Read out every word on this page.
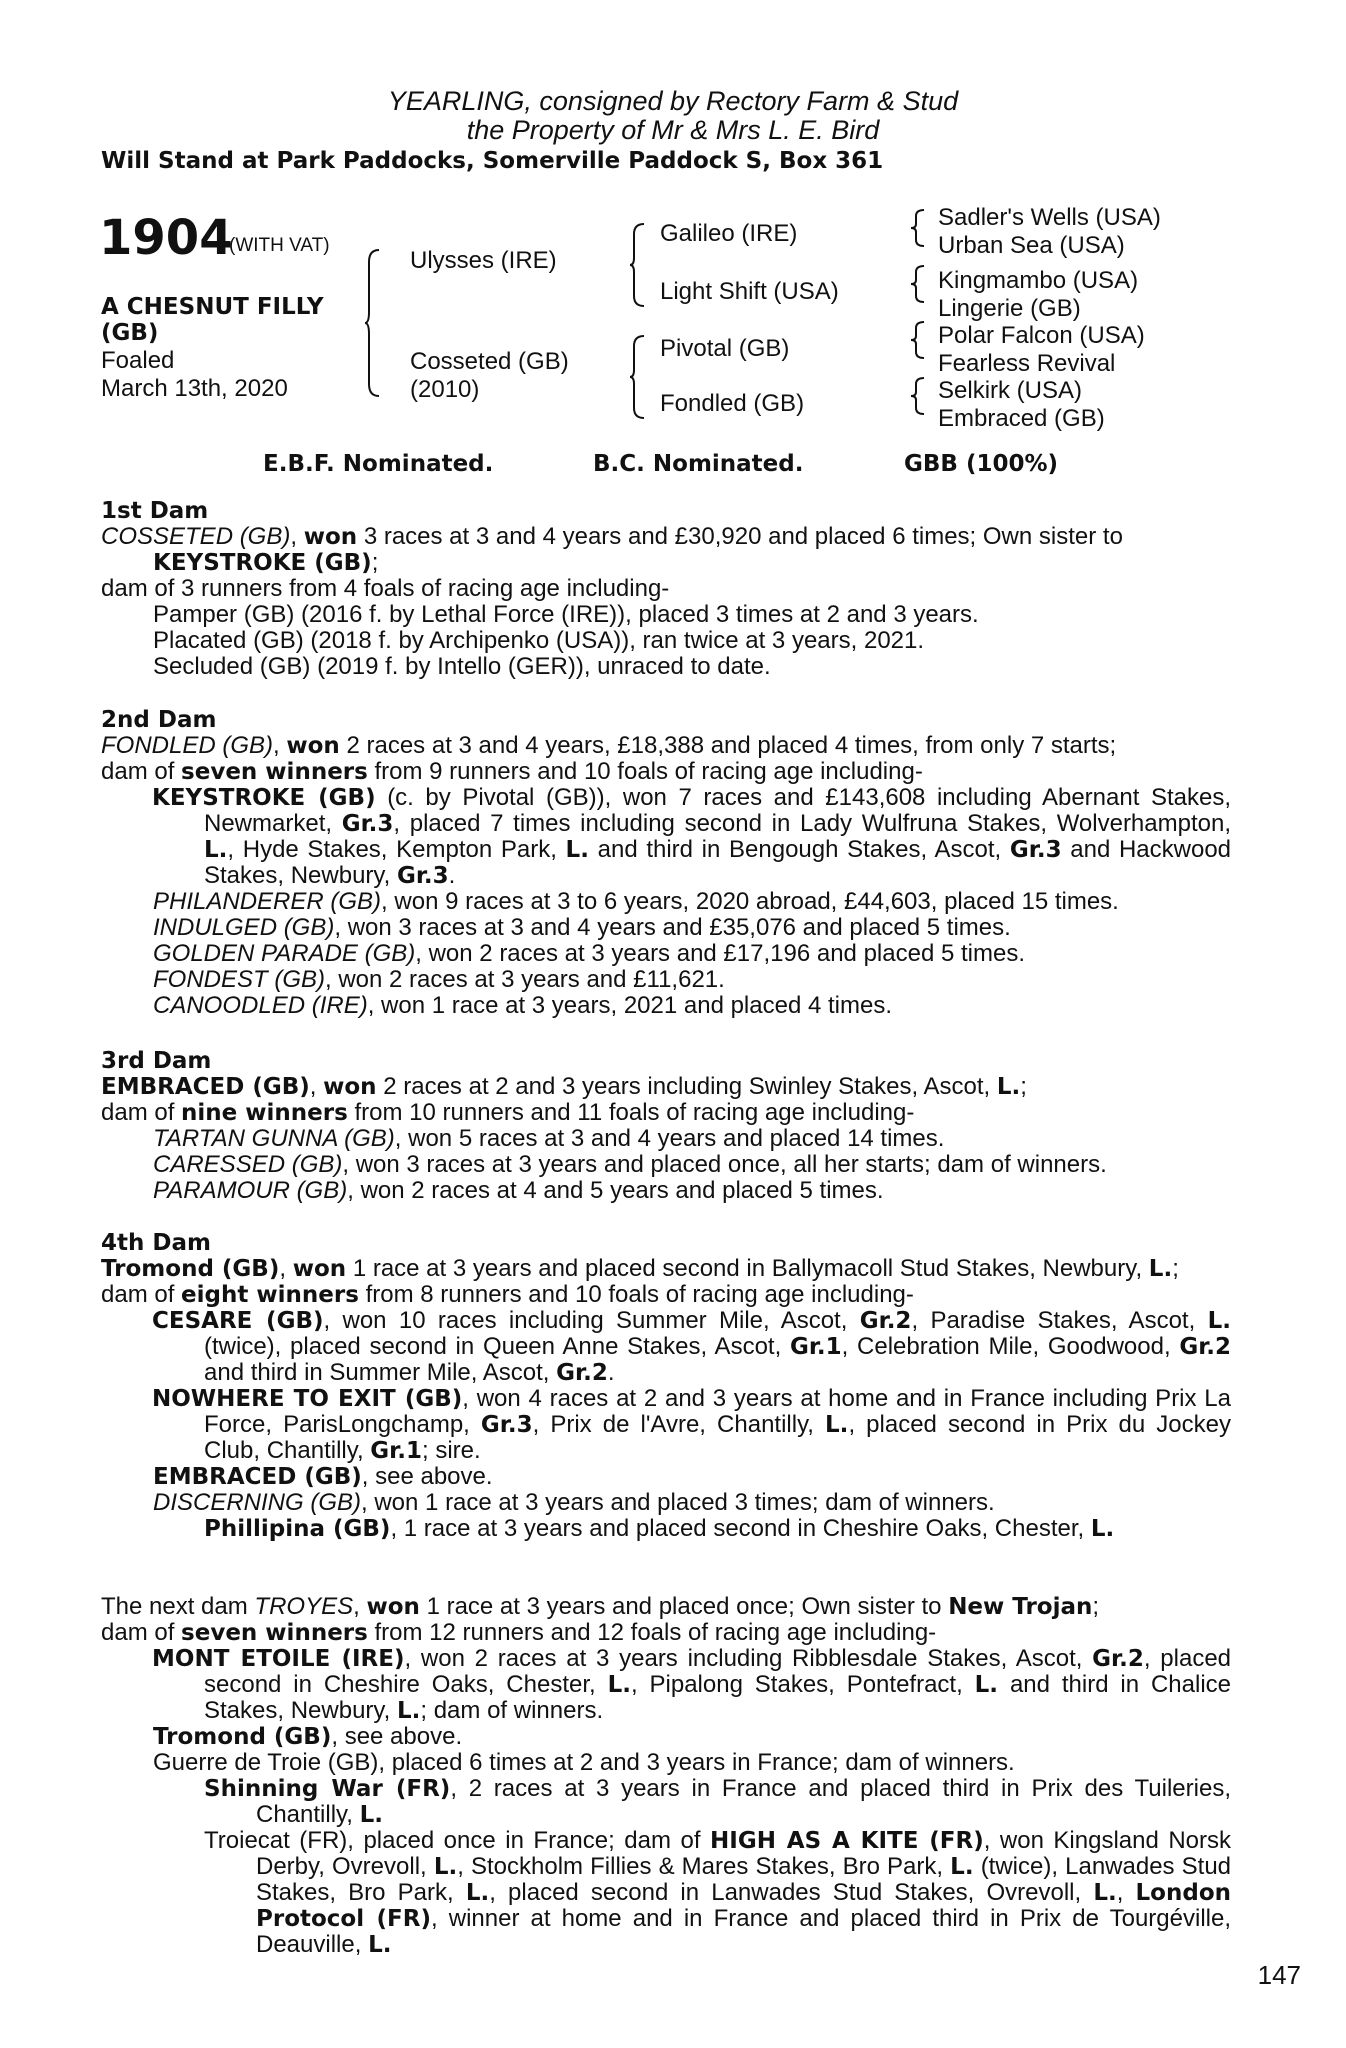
YEARLING, consigned by Rectory Farm & Stud
the Property of Mr & Mrs L. E. Bird
Will Stand at Park Paddocks, Somerville Paddock S, Box 361
1904
(WITH VAT)
A CHESNUT FILLY
(GB)
Foaled
March 13th, 2020
Ulysses (IRE)
Cosseted (GB)
(2010)
Galileo (IRE)
Light Shift (USA)
Pivotal (GB)
Fondled (GB)
Sadler's Wells (USA)
Urban Sea (USA)
Kingmambo (USA)
Lingerie (GB)
Polar Falcon (USA)
Fearless Revival
Selkirk (USA)
Embraced (GB)
E.B.F. Nominated.	B.C. Nominated.	GBB (100%)

1st Dam

COSSETED (GB), won 3 races at 3 and 4 years and £30,920 and placed 6 times; Own sister to

KEYSTROKE (GB);

dam of 3 runners from 4 foals of racing age including-

Pamper (GB) (2016 f. by Lethal Force (IRE)), placed 3 times at 2 and 3 years.

Placated (GB) (2018 f. by Archipenko (USA)), ran twice at 3 years, 2021.

Secluded (GB) (2019 f. by Intello (GER)), unraced to date.

2nd Dam

FONDLED (GB), won 2 races at 3 and 4 years, £18,388 and placed 4 times, from only 7 starts;

dam of seven winners from 9 runners and 10 foals of racing age including-

KEYSTROKE (GB) (c. by Pivotal (GB)), won 7 races and £143,608 including Abernant Stakes, Newmarket, Gr.3, placed 7 times including second in Lady Wulfruna Stakes, Wolverhampton, L., Hyde Stakes, Kempton Park, L. and third in Bengough Stakes, Ascot, Gr.3 and Hackwood Stakes, Newbury, Gr.3.

PHILANDERER (GB), won 9 races at 3 to 6 years, 2020 abroad, £44,603, placed 15 times.

INDULGED (GB), won 3 races at 3 and 4 years and £35,076 and placed 5 times.

GOLDEN PARADE (GB), won 2 races at 3 years and £17,196 and placed 5 times.

FONDEST (GB), won 2 races at 3 years and £11,621.

CANOODLED (IRE), won 1 race at 3 years, 2021 and placed 4 times.

3rd Dam

EMBRACED (GB), won 2 races at 2 and 3 years including Swinley Stakes, Ascot, L.;

dam of nine winners from 10 runners and 11 foals of racing age including-

TARTAN GUNNA (GB), won 5 races at 3 and 4 years and placed 14 times.

CARESSED (GB), won 3 races at 3 years and placed once, all her starts; dam of winners.

PARAMOUR (GB), won 2 races at 4 and 5 years and placed 5 times.

4th Dam

Tromond (GB), won 1 race at 3 years and placed second in Ballymacoll Stud Stakes, Newbury, L.;

dam of eight winners from 8 runners and 10 foals of racing age including-

CESARE (GB), won 10 races including Summer Mile, Ascot, Gr.2, Paradise Stakes, Ascot, L. (twice), placed second in Queen Anne Stakes, Ascot, Gr.1, Celebration Mile, Goodwood, Gr.2 and third in Summer Mile, Ascot, Gr.2.

NOWHERE TO EXIT (GB), won 4 races at 2 and 3 years at home and in France including Prix La Force, ParisLongchamp, Gr.3, Prix de l'Avre, Chantilly, L., placed second in Prix du Jockey Club, Chantilly, Gr.1; sire.

EMBRACED (GB), see above.

DISCERNING (GB), won 1 race at 3 years and placed 3 times; dam of winners.

Phillipina (GB), 1 race at 3 years and placed second in Cheshire Oaks, Chester, L.

The next dam TROYES, won 1 race at 3 years and placed once; Own sister to New Trojan;

dam of seven winners from 12 runners and 12 foals of racing age including-

MONT ETOILE (IRE), won 2 races at 3 years including Ribblesdale Stakes, Ascot, Gr.2, placed second in Cheshire Oaks, Chester, L., Pipalong Stakes, Pontefract, L. and third in Chalice Stakes, Newbury, L.; dam of winners.

Tromond (GB), see above.

Guerre de Troie (GB), placed 6 times at 2 and 3 years in France; dam of winners.

Shinning War (FR), 2 races at 3 years in France and placed third in Prix des Tuileries, Chantilly, L.

Troiecat (FR), placed once in France; dam of HIGH AS A KITE (FR), won Kingsland Norsk Derby, Ovrevoll, L., Stockholm Fillies & Mares Stakes, Bro Park, L. (twice), Lanwades Stud Stakes, Bro Park, L., placed second in Lanwades Stud Stakes, Ovrevoll, L., London Protocol (FR), winner at home and in France and placed third in Prix de Tourgéville, Deauville, L.

147
